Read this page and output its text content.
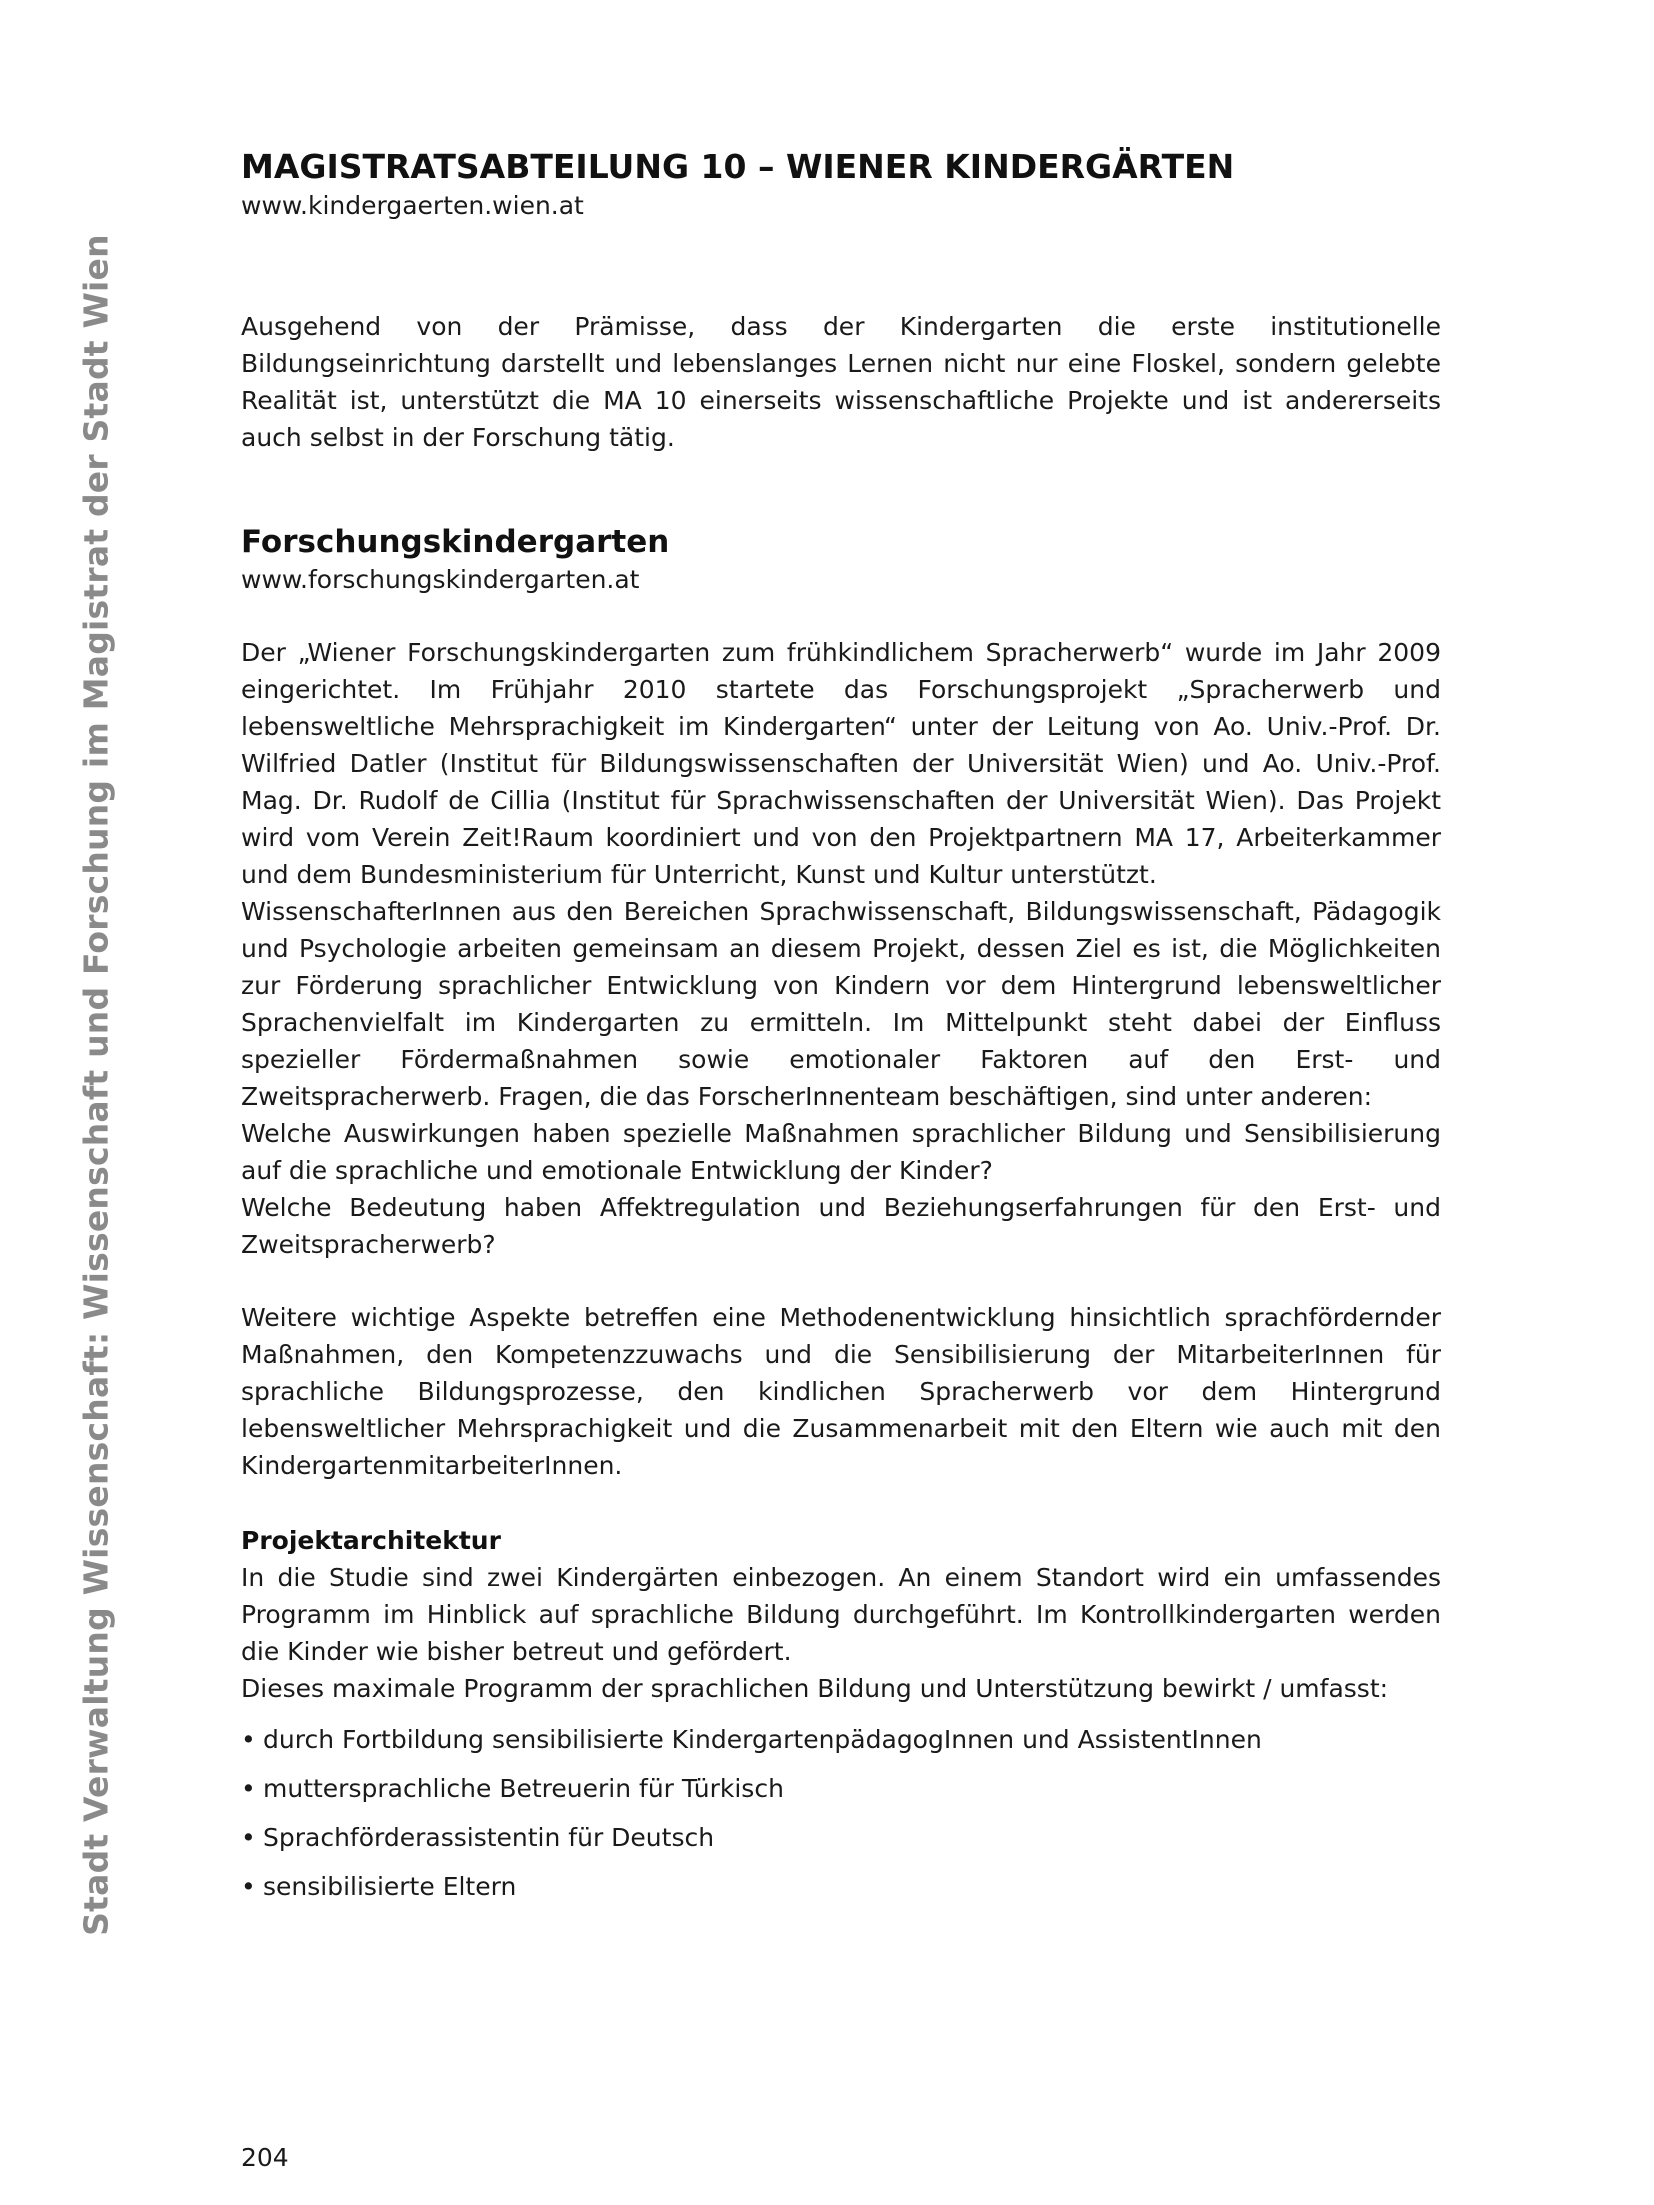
Stadt Verwaltung Wissenschaft: Wissenschaft und Forschung im Magistrat der Stadt Wien
MAGISTRATSABTEILUNG 10 – WIENER KINDERGÄRTEN
www.kindergaerten.wien.at

Ausgehend von der Prämisse, dass der Kindergarten die erste institutionelle Bildungseinrichtung darstellt und lebenslanges Lernen nicht nur eine Floskel, sondern gelebte Realität ist, unterstützt die MA 10 einerseits wissenschaftliche Projekte und ist andererseits auch selbst in der Forschung tätig.

Forschungskindergarten
www.forschungskindergarten.at

Der „Wiener Forschungskindergarten zum frühkindlichem Spracherwerb“ wurde im Jahr 2009 eingerichtet. Im Frühjahr 2010 startete das Forschungsprojekt „Spracherwerb und lebensweltliche Mehrsprachigkeit im Kindergarten“ unter der Leitung von Ao. Univ.-Prof. Dr. Wilfried Datler (Institut für Bildungswissenschaften der Universität Wien) und Ao. Univ.-Prof. Mag. Dr. Rudolf de Cillia (Institut für Sprachwissenschaften der Universität Wien). Das Projekt wird vom Verein Zeit!Raum koordiniert und von den Projektpartnern MA 17, Arbeiterkammer und dem Bundesministerium für Unterricht, Kunst und Kultur unterstützt.

WissenschafterInnen aus den Bereichen Sprachwissenschaft, Bildungswissenschaft, Pädagogik und Psychologie arbeiten gemeinsam an diesem Projekt, dessen Ziel es ist, die Möglichkeiten zur Förderung sprachlicher Entwicklung von Kindern vor dem Hintergrund lebensweltlicher Sprachenvielfalt im Kindergarten zu ermitteln. Im Mittelpunkt steht dabei der Einfluss spezieller Fördermaßnahmen sowie emotionaler Faktoren auf den Erst- und Zweitspracherwerb. Fragen, die das ForscherInnenteam beschäftigen, sind unter anderen:

Welche Auswirkungen haben spezielle Maßnahmen sprachlicher Bildung und Sensibilisierung auf die sprachliche und emotionale Entwicklung der Kinder?

Welche Bedeutung haben Affektregulation und Beziehungserfahrungen für den Erst- und Zweitspracherwerb?

Weitere wichtige Aspekte betreffen eine Methodenentwicklung hinsichtlich sprachfördernder Maßnahmen, den Kompetenzzuwachs und die Sensibilisierung der MitarbeiterInnen für sprachliche Bildungsprozesse, den kindlichen Spracherwerb vor dem Hintergrund lebensweltlicher Mehrsprachigkeit und die Zusammenarbeit mit den Eltern wie auch mit den KindergartenmitarbeiterInnen.

Projektarchitektur

In die Studie sind zwei Kindergärten einbezogen. An einem Standort wird ein umfassendes Programm im Hinblick auf sprachliche Bildung durchgeführt. Im Kontrollkindergarten werden die Kinder wie bisher betreut und gefördert.

Dieses maximale Programm der sprachlichen Bildung und Unterstützung bewirkt / umfasst:

• durch Fortbildung sensibilisierte KindergartenpädagogInnen und AssistentInnen
• muttersprachliche Betreuerin für Türkisch
• Sprachförderassistentin für Deutsch
• sensibilisierte Eltern
204
